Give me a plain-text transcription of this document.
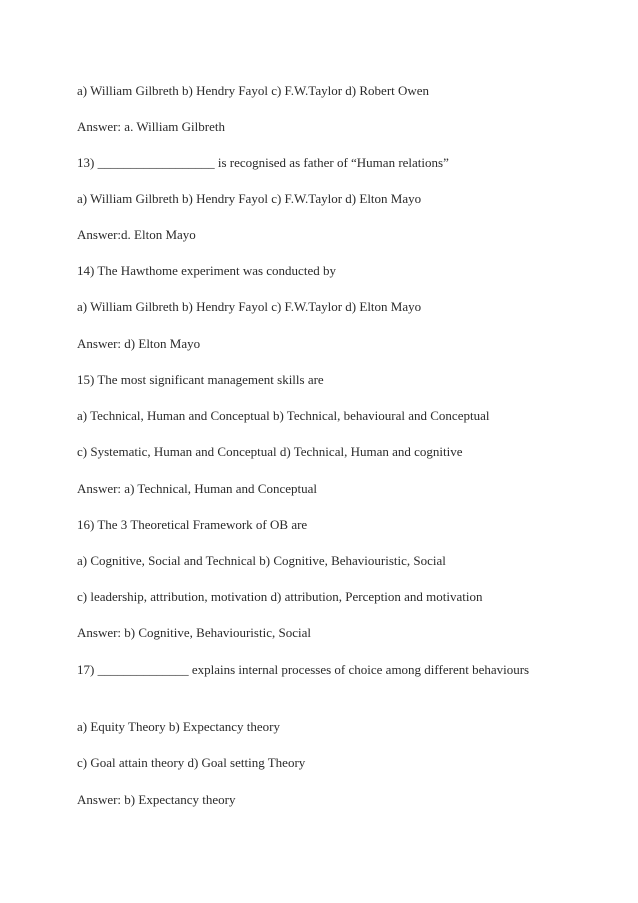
a) William Gilbreth b) Hendry Fayol c) F.W.Taylor d) Robert Owen

Answer: a. William Gilbreth

13) __________________ is recognised as father of “Human relations”

a) William Gilbreth b) Hendry Fayol c) F.W.Taylor d) Elton Mayo

Answer:d. Elton Mayo

14) The Hawthome experiment was conducted by

a) William Gilbreth b) Hendry Fayol c) F.W.Taylor d) Elton Mayo

Answer: d) Elton Mayo

15) The most significant management skills are

a) Technical, Human and Conceptual b) Technical, behavioural and Conceptual

c) Systematic, Human and Conceptual d) Technical, Human and cognitive

Answer: a) Technical, Human and Conceptual

16) The 3 Theoretical Framework of OB are

a) Cognitive, Social and Technical b) Cognitive, Behaviouristic, Social

c) leadership, attribution, motivation d) attribution, Perception and motivation

Answer: b) Cognitive, Behaviouristic, Social

17) ______________ explains internal processes of choice among different behaviours

a) Equity Theory b) Expectancy theory

c) Goal attain theory d) Goal setting Theory

Answer: b) Expectancy theory
